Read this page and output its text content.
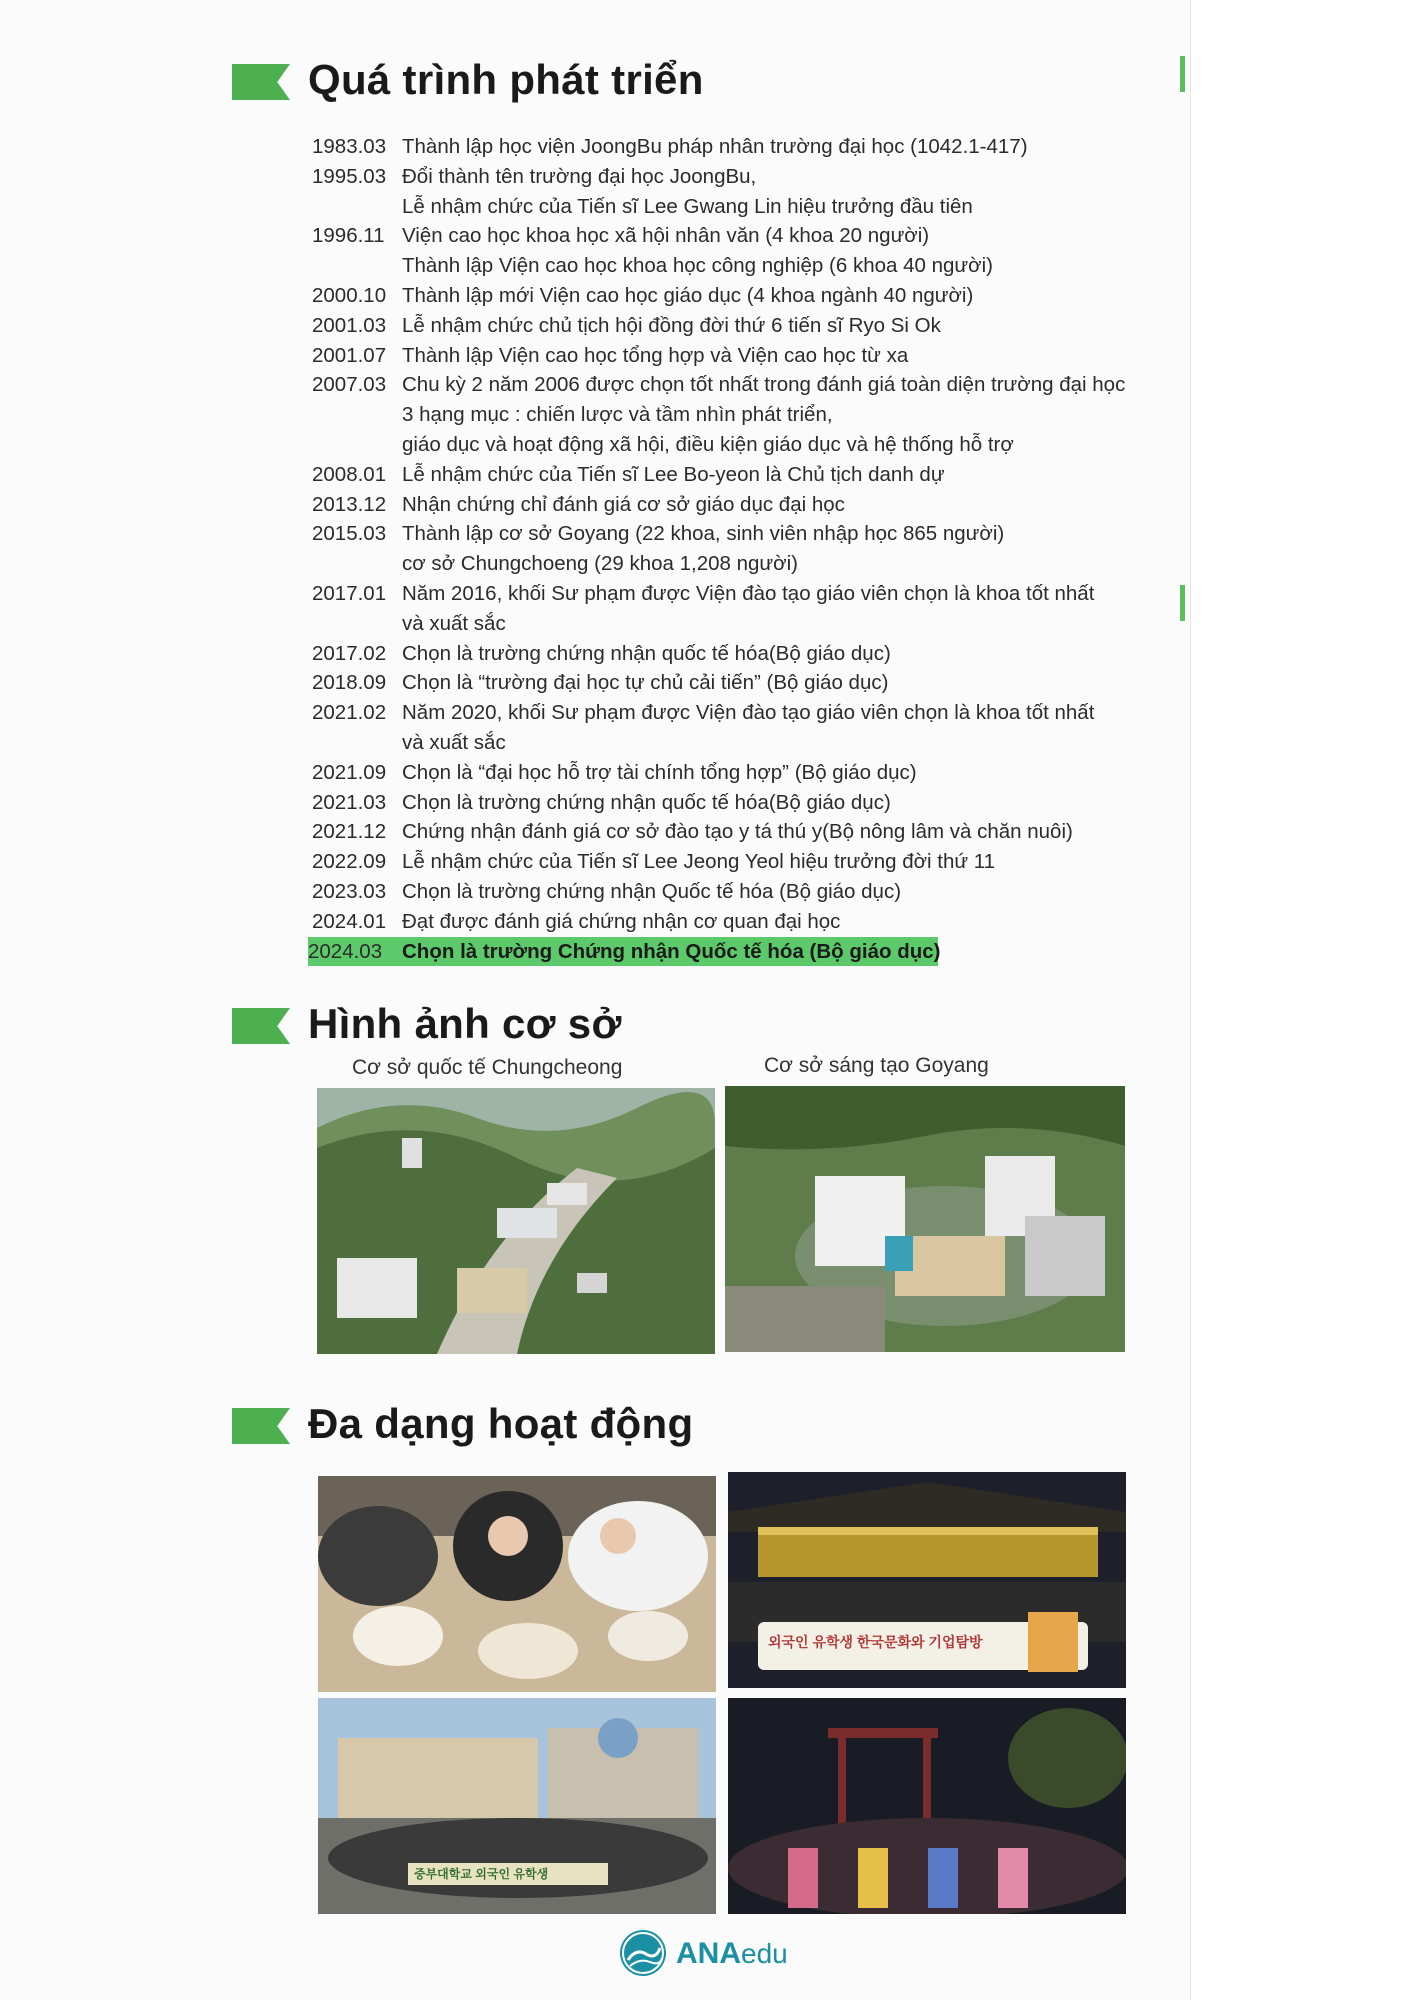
Quá trình phát triển
1983.03 Thành lập học viện JoongBu pháp nhân trường đại học (1042.1-417)
1995.03 Đổi thành tên trường đại học JoongBu,
Lễ nhậm chức của Tiến sĩ Lee Gwang Lin hiệu trưởng đầu tiên
1996.11 Viện cao học khoa học xã hội nhân văn (4 khoa 20 người)
Thành lập Viện cao học khoa học công nghiệp (6 khoa 40 người)
2000.10 Thành lập mới Viện cao học giáo dục (4 khoa ngành 40 người)
2001.03 Lễ nhậm chức chủ tịch hội đồng đời thứ 6 tiến sĩ Ryo Si Ok
2001.07 Thành lập Viện cao học tổng hợp và Viện cao học từ xa
2007.03 Chu kỳ 2 năm 2006 được chọn tốt nhất trong đánh giá toàn diện trường đại học
3 hạng mục : chiến lược và tầm nhìn phát triển,
giáo dục và hoạt động xã hội, điều kiện giáo dục và hệ thống hỗ trợ
2008.01 Lễ nhậm chức của Tiến sĩ Lee Bo-yeon là Chủ tịch danh dự
2013.12 Nhận chứng chỉ đánh giá cơ sở giáo dục đại học
2015.03 Thành lập cơ sở Goyang (22 khoa, sinh viên nhập học 865 người)
cơ sở Chungchoeng (29 khoa 1,208 người)
2017.01 Năm 2016, khối Sư phạm được Viện đào tạo giáo viên chọn là khoa tốt nhất
và xuất sắc
2017.02 Chọn là trường chứng nhận quốc tế hóa(Bộ giáo dục)
2018.09 Chọn là “trường đại học tự chủ cải tiến” (Bộ giáo dục)
2021.02 Năm 2020, khối Sư phạm được Viện đào tạo giáo viên chọn là khoa tốt nhất
và xuất sắc
2021.09 Chọn là “đại học hỗ trợ tài chính tổng hợp” (Bộ giáo dục)
2021.03 Chọn là trường chứng nhận quốc tế hóa(Bộ giáo dục)
2021.12 Chứng nhận đánh giá cơ sở đào tạo y tá thú y(Bộ nông lâm và chăn nuôi)
2022.09 Lễ nhậm chức của Tiến sĩ Lee Jeong Yeol hiệu trưởng đời thứ 11
2023.03 Chọn là trường chứng nhận Quốc tế hóa (Bộ giáo dục)
2024.01 Đạt được đánh giá chứng nhận cơ quan đại học
2024.03 Chọn là trường Chứng nhận Quốc tế hóa (Bộ giáo dục)
Hình ảnh cơ sở
Cơ sở quốc tế Chungcheong	Cơ sở sáng tạo Goyang
Đa dạng hoạt động
외국인 유학생 한국문화와 기업탐방
중부대학교 외국인 유학생
ANAedu
